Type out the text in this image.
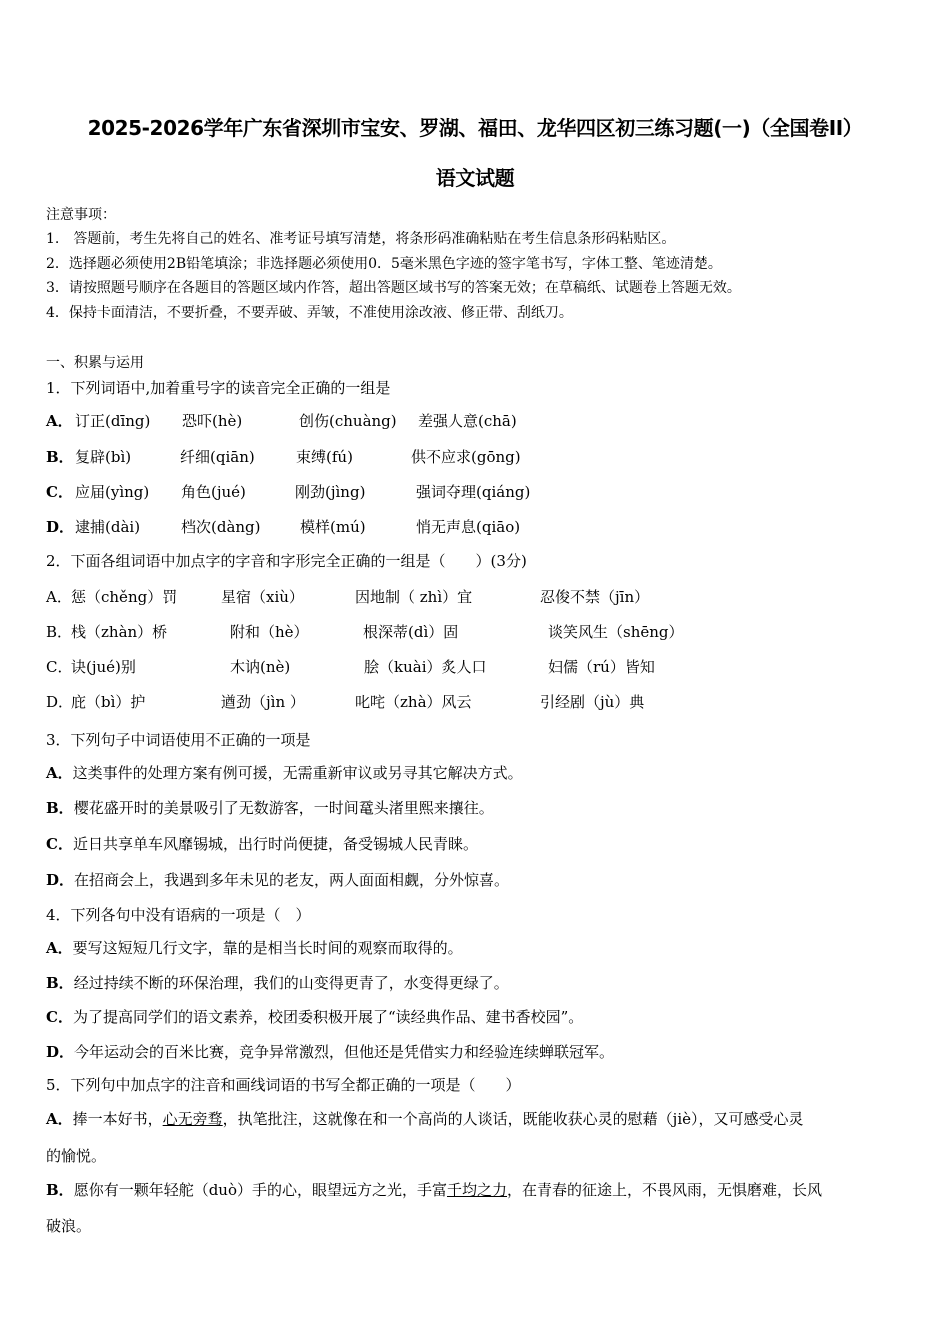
2025-2026学年广东省深圳市宝安、罗湖、福田、龙华四区初三练习题(一)（全国卷II）
语文试题
注意事项：
1.　答题前，考生先将自己的姓名、准考证号填写清楚，将条形码准确粘贴在考生信息条形码粘贴区。
2．选择题必须使用2B铅笔填涂；非选择题必须使用0．5毫米黑色字迹的签字笔书写，字体工整、笔迹清楚。
3．请按照题号顺序在各题目的答题区域内作答，超出答题区域书写的答案无效；在草稿纸、试题卷上答题无效。
4．保持卡面清洁，不要折叠，不要弄破、弄皱，不准使用涂改液、修正带、刮纸刀。
一、积累与运用
1．下列词语中,加着重号字的读音完全正确的一组是
A． 订正(dīng) 恐吓(hè)	创伤(chuàng) 差强人意(chā)
B． 复辟(bì)	纤细(qiān)	束缚(fú)	供不应求(gōng)
C． 应届(yìng) 角色(jué)	刚劲(jìng)	强词夺理(qiáng)
D． 逮捕(dài)	档次(dàng)	模样(mú)	悄无声息(qiāo)
2．下面各组词语中加点字的字音和字形完全正确的一组是（　　）(3分)
A． 惩（chěng）罚	星宿（xiù）	因地制（ zhì）宜	忍俊不禁（jīn）
B．
栈（zhàn）桥	附和（hè）	根深蒂(dì）固	谈笑风生（shēng）
C．
诀(jué)别	木讷(nè)	脍（kuài）炙人口	妇儒（rú）皆知
D．
庇（bì）护	遒劲（jìn ）	叱咤（zhà）风云	引经剧（jù）典
3．下列句子中词语使用不正确的一项是
A．这类事件的处理方案有例可援，无需重新审议或另寻其它解决方式。
B．樱花盛开时的美景吸引了无数游客，一时间鼋头渚里熙来攘往。
C．近日共享单车风靡锡城，出行时尚便捷，备受锡城人民青睐。
D．在招商会上，我遇到多年未见的老友，两人面面相觑，分外惊喜。
4．下列各句中没有语病的一项是（　）
A．要写这短短几行文字，靠的是相当长时间的观察而取得的。
B．经过持续不断的环保治理，我们的山变得更青了，水变得更绿了。
C．为了提高同学们的语文素养，校团委积极开展了“读经典作品、建书香校园”。
D．今年运动会的百米比赛，竞争异常激烈，但他还是凭借实力和经验连续蝉联冠军。
5．下列句中加点字的注音和画线词语的书写全都正确的一项是（　　）
A．捧一本好书，心无旁骛，执笔批注，这就像在和一个高尚的人谈话，既能收获心灵的慰藉（jiè），又可感受心灵
的愉悦。
B．愿你有一颗年轻舵（duò）手的心，眼望远方之光，手富千均之力，在青春的征途上，不畏风雨，无惧磨难，长风
破浪。
